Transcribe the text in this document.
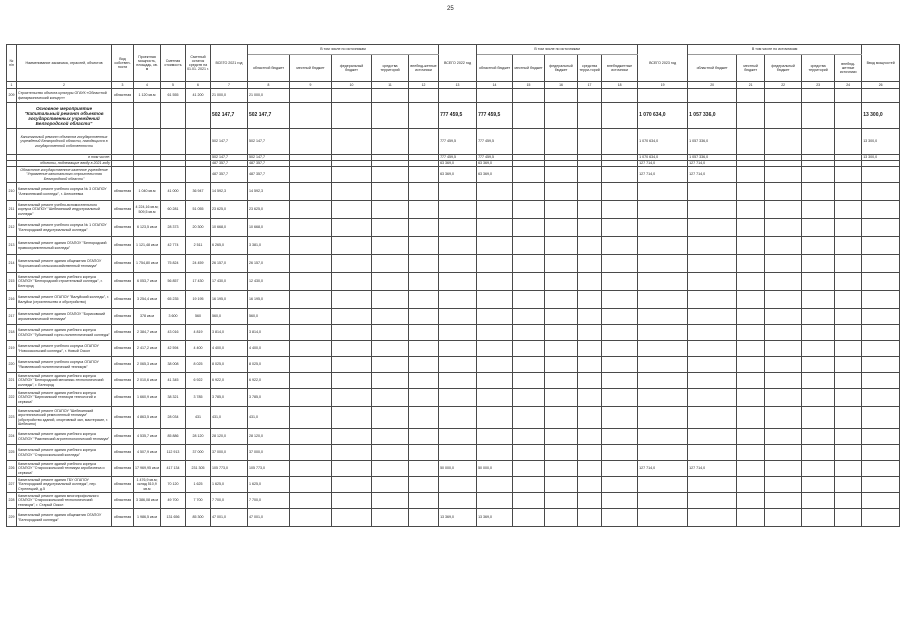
25
№ п/п	Наименование заказчика, отраслей, объектов	Вид собствен-ности	Проектная мощность, площадь, кв. м	Сметная стоимость	Сметный остаток средств на 01.01. 2021 г.	ВСЕГО 2021 год	В том числе по источникам					ВСЕГО 2022 год	В том числе по источникам					ВСЕГО 2023 год	В том числе по источникам					Ввод мощностей	
							областной бюджет	местный бюджет	федеральный бюджет	средства территорий	внебюд-жетные источники		областной бюджет	местный бюджет	федеральный бюджет	средства терри-торий	внебюджетные источники		областной бюджет	местный бюджет	федеральный бюджет	средства территорий	внебюд-жетные источники		
1	2	3	4	5	6	7	8	9	10	11	12	13	14	15	16	17	18	19	20	21	22	23	24	26	
209	Строительство объекта культуры ОГАУК «Областной филармонический концерт»	областная	1 120 кв.м	61 555	41 200	21 000,0	21 000,0																		
	Основное мероприятие "Капитальный ремонт объектов государственных учреждений Белгородской области"					502 147,7	502 147,7					777 459,5	777 459,5					1 070 634,0	1 057 336,0					13 300,0	
	Капитальный ремонт объектов государственных учреждений Белгородской области, находящихся в государственной собственности					502 147,7	502 147,7					777 459,5	777 459,5					1 070 634,0	1 057 336,0					13 300,0	
	в том числе:					502 147,7	502 147,7					777 459,5	777 459,5					1 070 634,0	1 057 336,0					13 300,0	
	объекты, подлежащие вводу в 2021 году					487 357,7	487 357,7					63 369,0	63 369,0					127 714,0	127 714,0						
	Областное государственное казенное учреждение "Управление капитального строительства Белгородской области"					487 357,7	487 357,7					63 369,0	63 369,0					127 714,0	127 714,0						
210	Капитальный ремонт учебного корпуса № 3 ОГАПОУ "Алексеевский колледж", г. Алексеевка	областная	1 040 кв.м	41 000	36 947	14 592,3	14 592,3																		
211	Капитальный ремонт учебно-вспомогательного корпуса ОГАПОУ "Шебекинский индустриальный колледж"	областная	4 224,16 кв.м; 509,5 кв.м	60 281	51 055	23 625,0	23 625,0																		
212	Капитальный ремонт учебного корпуса № 1 ОГАПОУ "Белгородский индустриальный колледж"	областная	6 123,5 кв.м	28 373	20 300	10 668,0	10 668,0																		
213	Капитальный ремонт здания ОГАПОУ "Белгородский правоохранительный колледж"	областная	1 121,48 кв.м	42 774	2 511	6 265,0	3 381,0																		
214	Капитальный ремонт здания общежития ОГАПОУ "Корочанский сельскохозяйственный техникум"	областная	1 754,80 кв.м	75 824	24 459	26 157,0	26 157,0																		
215	Капитальный ремонт здания учебного корпуса ОГАПОУ "Белгородский строительный колледж", г. Белгород	областная	6 053,7 кв.м	56 857	17 430	17 430,0	12 430,0																		
216	Капитальный ремонт ОГАПОУ "Валуйский колледж", г. Валуйки (строительство и обустройство)	областная	3 254,4 кв.м	65 235	19 195	16 195,0	16 195,0																		
217	Капитальный ремонт здания ОГАПОУ "Борисовский агромеханический техникум"	областная	378 кв.м	3 600	560	560,0	560,0																		
218	Капитальный ремонт здания учебного корпуса ОГАПОУ "Губкинский горно-политехнический колледж"	областная	2 384,7 кв.м	43 016	4 819	3 814,0	3 814,0																		
219	Капитальный ремонт учебного корпуса ОГАПОУ "Новооскольский колледж", г. Новый Оскол	областная	2 417,2 кв.м	42 594	4 400	4 400,0	4 400,0																		
220	Капитальный ремонт учебного корпуса ОГАПОУ "Яковлевский политехнический техникум"	областная	2 065,3 кв.м	38 008	8 025	8 025,0	8 025,0																		
221	Капитальный ремонт здания учебного корпуса ОГАПОУ "Белгородский механико-технологический колледж", г. Белгород	областная	2 010,6 кв.м	41 345	6 922	6 922,0	6 922,0																		
222	Капитальный ремонт здания учебного корпуса ОГАПОУ "Бирючанский техникум технологий и сервиса"	областная	1 660,9 кв.м	38 321	3 785	3 785,0	3 785,0																		
223	Капитальный ремонт ОГАПОУ "Шебекинский агротехнический ремесленный техникум" (обустройство зданий, спортивный зал, мастерские, г. Шебекино)	областная	4 863,5 кв.м	28 034	431	431,0	431,0																		
224	Капитальный ремонт здания учебного корпуса ОГАПОУ "Ракитянский агротехнологический техникум"	областная	4 535,7 кв.м	85 886	28 120	28 120,0	28 120,0																		
225	Капитальный ремонт здания учебного корпуса ОГАПОУ "Старооскольский колледж"	областная	4 507,9 кв.м	112 913	37 000	37 000,0	37 000,0																		
226	Капитальный ремонт зданий учебного корпуса ОГАПОУ "Старооскольский техникум агробизнеса и сервиса"	областная	17 969,95 кв.м	417 134	231 305	105 773,0	105 773,0					50 000,0	50 000,0					127 714,0	127 714,0						
227	Капитальный ремонт здания ГБУ ОГАПОУ "Белгородский индустриальный колледж", пер. Стрелецкий, д.5	областная	1 476,9 кв.м; склад 510,9 кв.м	70 120	1 625	1 625,0	1 625,0																		
228	Капитальный ремонт здания многопрофильного ОГАПОУ "Старооскольский технологический техникум", г. Старый Оскол	областная	3 386,08 кв.м	49 700	7 700	7 700,0	7 700,0																		
229	Капитальный ремонт здания общежития ОГАПОУ "Белгородский колледж"	областная	1 986,5 кв.м	131 656	85 300	47 001,0	47 001,0					13 369,0	13 369,0												
